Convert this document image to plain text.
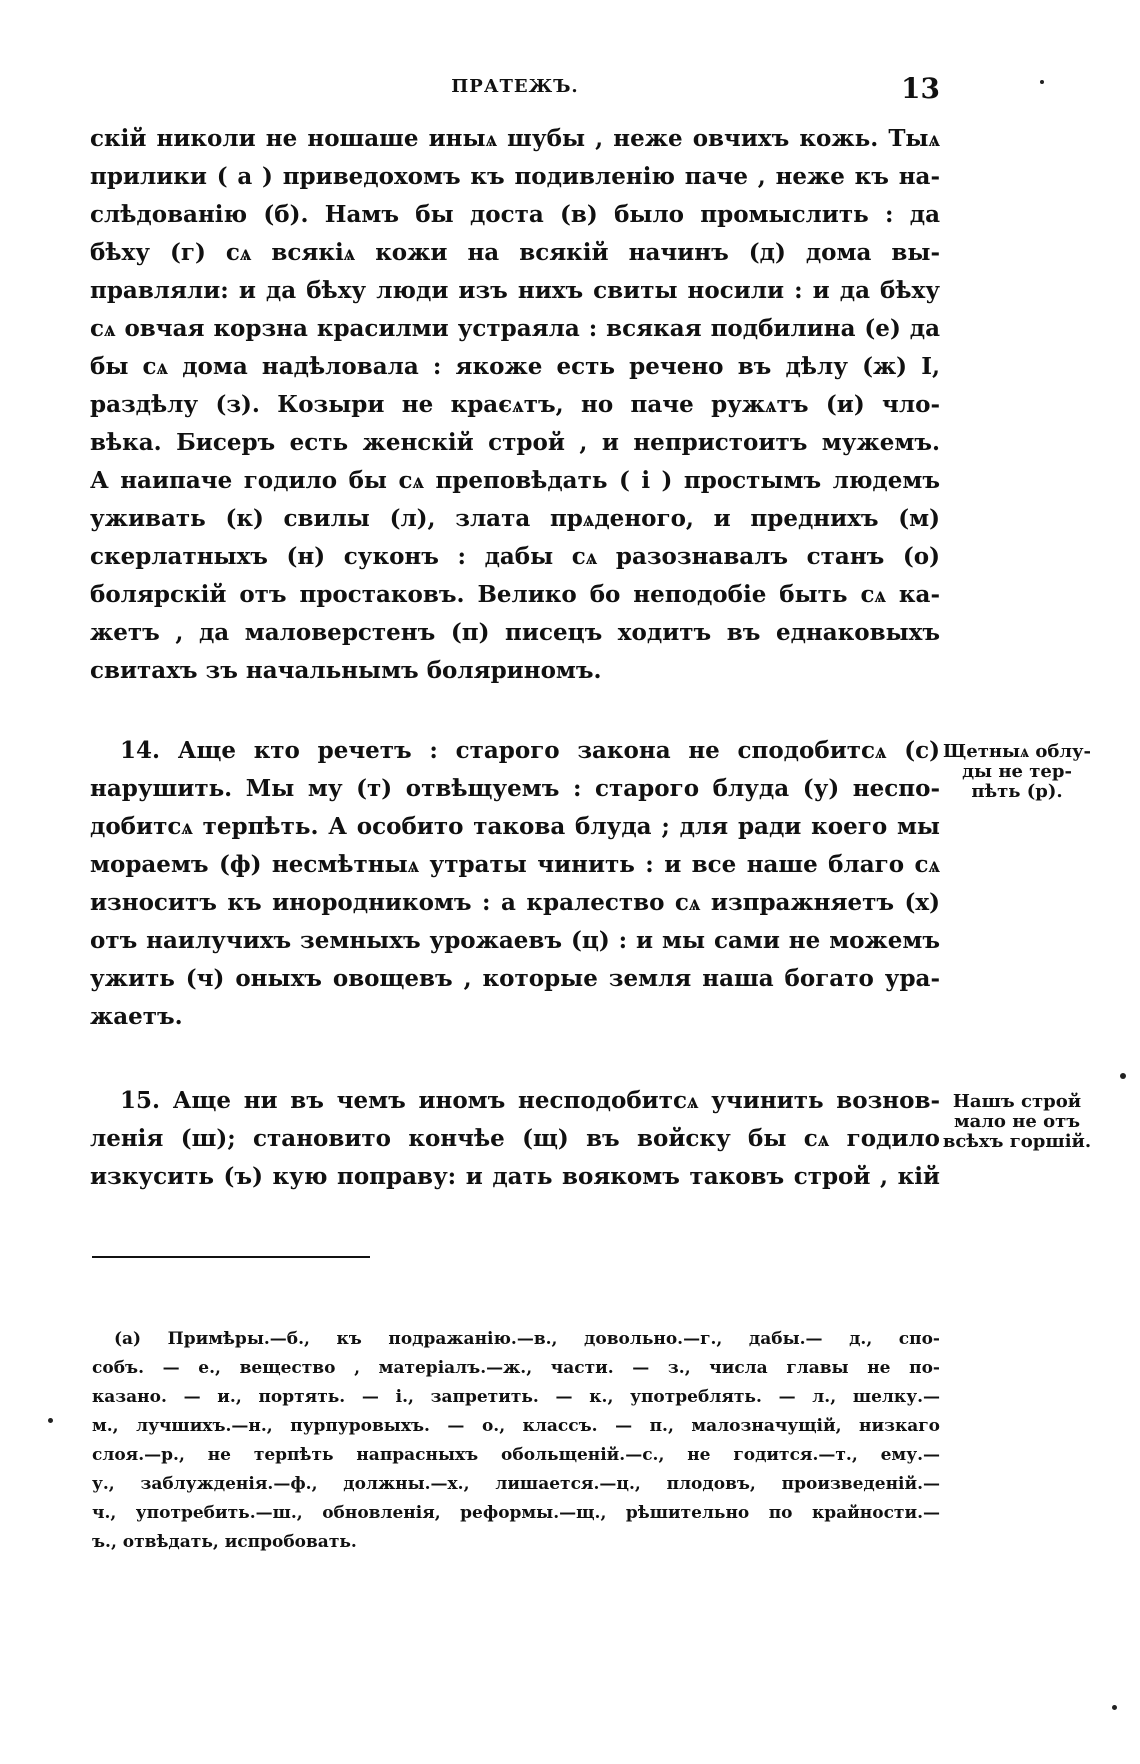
ПРАТЕЖЪ.	13
скій николи не ношаше иныѧ шубы , неже овчихъ кожь. Тыѧ
прилики ( а ) приведохомъ къ подивленію паче , неже къ на-
слѣдованію (б). Намъ бы доста (в) было промыслить : да
бѣху (г) сѧ всякіѧ кожи на всякій начинъ (д) дома вы-
правляли: и да бѣху люди изъ нихъ свиты носили : и да бѣху
сѧ овчая корзна красилми устраяла : всякая подбилина (е) да
бы сѧ дома надѣловала : якоже есть речено въ дѣлу (ж) I,
раздѣлу (з). Козыри не краєѧтъ, но паче ружѧтъ (и) чло-
вѣка. Бисеръ есть женскій строй , и непристоитъ мужемъ.
А наипаче годило бы сѧ преповѣдать ( і ) простымъ людемъ
уживать (к) свилы (л), злата прѧденого, и преднихъ (м)
скерлатныхъ (н) суконъ : дабы сѧ разознавалъ станъ (о)
болярскій отъ простаковъ. Велико бо неподобіе быть сѧ ка-
жетъ , да маловерстенъ (п) писецъ ходитъ въ еднаковыхъ
свитахъ зъ начальнымъ боляриномъ.
14. Аще кто речетъ : старого закона не сподобитсѧ (с)
нарушить. Мы му (т) отвѣщуемъ : старого блуда (у) неспо-
добитсѧ терпѣть. А особито такова блуда ; для ради коего мы
мораемъ (ф) несмѣтныѧ утраты чинить : и все наше благо сѧ
износитъ къ инородникомъ : а кралество сѧ изпражняетъ (х)
отъ наилучихъ земныхъ урожаевъ (ц) : и мы сами не можемъ
ужить (ч) оныхъ овощевъ , которые земля наша богато ура-
жаетъ.
Щетныѧ облу-
ды не тер-
пѣть (р).
15. Аще ни въ чемъ иномъ несподобитсѧ учинить вознов-
ленія (ш); становито кончѣе (щ) въ войску бы сѧ годило
изкусить (ъ) кую поправу: и дать воякомъ таковъ строй , кій
Нашъ строй
мало не отъ
всѣхъ горшій.
(а) Примѣры.—б., къ подражанію.—в., довольно.—г., дабы.— д., спо-
собъ. — е., вещество , матеріалъ.—ж., части. — з., числа главы не по-
казано. — и., портять. — і., запретить. — к., употреблять. — л., шелку.—
м., лучшихъ.—н., пурпуровыхъ. — о., классъ. — п., малозначущій, низкаго
слоя.—р., не терпѣть напрасныхъ обольщеній.—с., не годится.—т., ему.—
у., заблужденія.—ф., должны.—х., лишается.—ц., плодовъ, произведеній.—
ч., употребить.—ш., обновленія, реформы.—щ., рѣшительно по крайности.—
ъ., отвѣдать, испробовать.
